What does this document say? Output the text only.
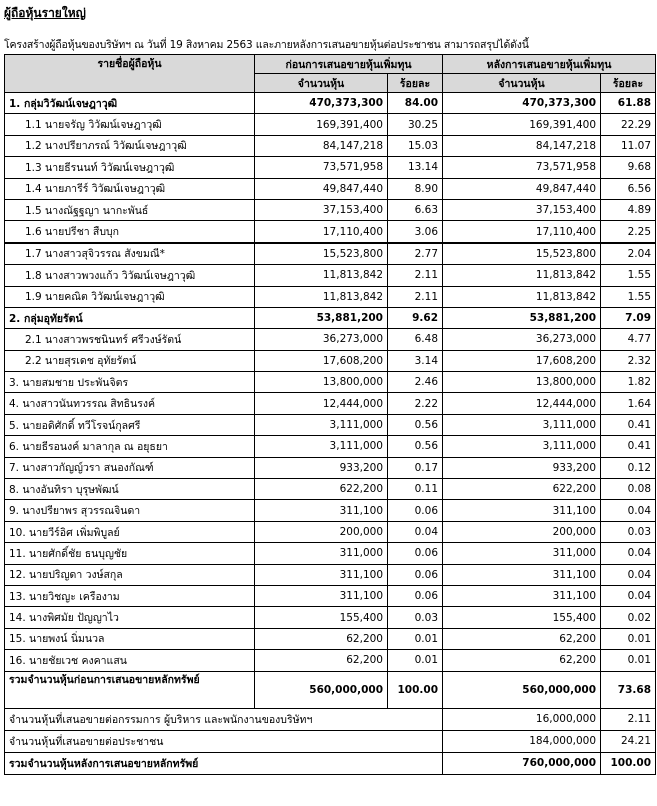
ผู้ถือหุ้นรายใหญ่
โครงสร้างผู้ถือหุ้นของบริษัทฯ ณ วันที่ 19 สิงหาคม 2563 และภายหลังการเสนอขายหุ้นต่อประชาชน สามารถสรุปได้ดังนี้
รายชื่อผู้ถือหุ้น	ก่อนการเสนอขายหุ้นเพิ่มทุน		หลังการเสนอขายหุ้นเพิ่มทุน	
	จำนวนหุ้น	ร้อยละ	จำนวนหุ้น	ร้อยละ
1. กลุ่มวิวัฒน์เจษฎาวุฒิ	470,373,300	84.00	470,373,300	61.88
1.1 นายจรัญ วิวัฒน์เจษฎาวุฒิ	169,391,400	30.25	169,391,400	22.29
1.2 นางปรียาภรณ์ วิวัฒน์เจษฎาวุฒิ	84,147,218	15.03	84,147,218	11.07
1.3 นายธีรนนท์ วิวัฒน์เจษฎาวุฒิ	73,571,958	13.14	73,571,958	9.68
1.4 นายภารีร์ วิวัฒน์เจษฎาวุฒิ	49,847,440	8.90	49,847,440	6.56
1.5 นางณัฐฐญา นากะพันธ์	37,153,400	6.63	37,153,400	4.89
1.6 นายปรีชา สืบบุก	17,110,400	3.06	17,110,400	2.25
1.7 นางสาวสุจิวรรณ สังขมณี*	15,523,800	2.77	15,523,800	2.04
1.8 นางสาวพวงแก้ว วิวัฒน์เจษฎาวุฒิ	11,813,842	2.11	11,813,842	1.55
1.9 นายคณิต วิวัฒน์เจษฎาวุฒิ	11,813,842	2.11	11,813,842	1.55
2. กลุ่มอุทัยรัตน์	53,881,200	9.62	53,881,200	7.09
2.1 นางสาวพรชนินทร์ ศรีวงษ์รัตน์	36,273,000	6.48	36,273,000	4.77
2.2 นายสุรเดช อุทัยรัตน์	17,608,200	3.14	17,608,200	2.32
3. นายสมชาย ประพันจิตร	13,800,000	2.46	13,800,000	1.82
4. นางสาวนันทวรรณ สิทธินรงค์	12,444,000	2.22	12,444,000	1.64
5. นายอดิศักดิ์ ทวีโรจน์กุลศรี	3,111,000	0.56	3,111,000	0.41
6. นายธีรอนงค์ มาลากุล ณ อยุธยา	3,111,000	0.56	3,111,000	0.41
7. นางสาวกัญญ์วรา สนองกัณฑ์	933,200	0.17	933,200	0.12
8. นางอันทิรา บุรุษพัฒน์	622,200	0.11	622,200	0.08
9. นางปรียาพร สุวรรณจินดา	311,100	0.06	311,100	0.04
10. นายวีร์อิศ เพิ่มพิบูลย์	200,000	0.04	200,000	0.03
11. นายศักดิ์ชัย ธนบุญชัย	311,000	0.06	311,000	0.04
12. นายปริญดา วงษ์สกุล	311,100	0.06	311,100	0.04
13. นายวิชญะ เครืองาม	311,100	0.06	311,100	0.04
14. นางพิศมัย ปัญญาไว	155,400	0.03	155,400	0.02
15. นายพงน์ นิ่มนวล	62,200	0.01	62,200	0.01
16. นายชัยเวช คงคาแสน	62,200	0.01	62,200	0.01
รวมจำนวนหุ้นก่อนการเสนอขายหลักทรัพย์	560,000,000	100.00	560,000,000	73.68
จำนวนหุ้นที่เสนอขายต่อกรรมการ ผู้บริหาร และพนักงานของบริษัทฯ			16,000,000	2.11
จำนวนหุ้นที่เสนอขายต่อประชาชน			184,000,000	24.21
รวมจำนวนหุ้นหลังการเสนอขายหลักทรัพย์			760,000,000	100.00
